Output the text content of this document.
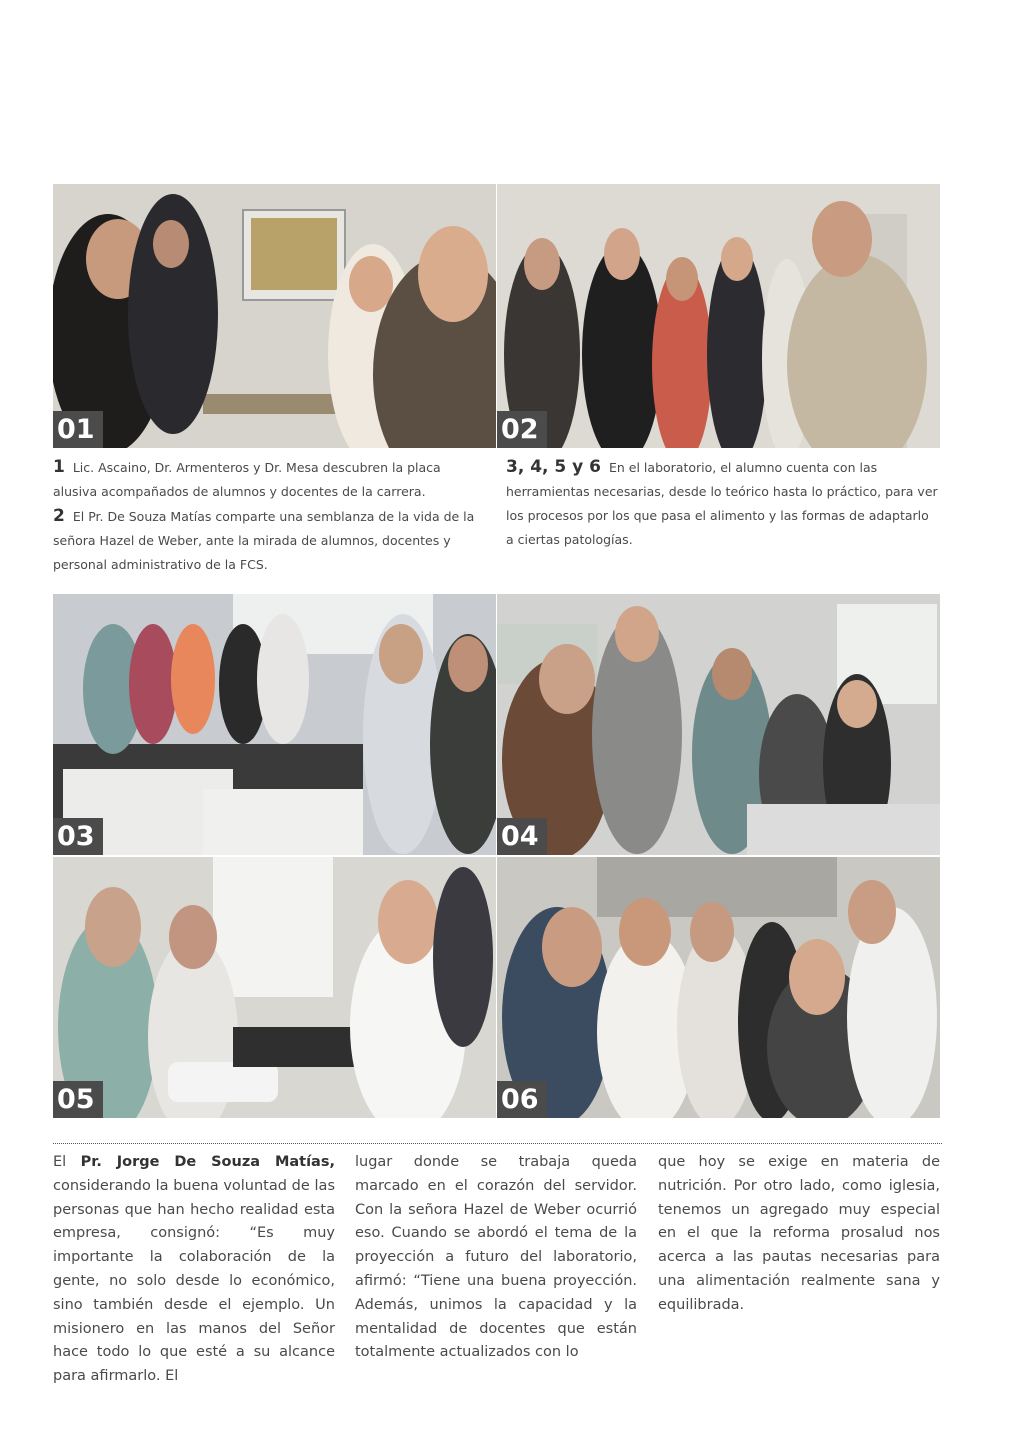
01	02
1 Lic. Ascaino, Dr. Armenteros y Dr. Mesa descubren la placa alusiva acompañados de alumnos y docentes de la carrera.
2 El Pr. De Souza Matías comparte una semblanza de la vida de la señora Hazel de Weber, ante la mirada de alumnos, docentes y personal administrativo de la FCS.
3, 4, 5 y 6 En el laboratorio, el alumno cuenta con las herramientas necesarias, desde lo teórico hasta lo práctico, para ver los procesos por los que pasa el alimento y las formas de adaptarlo a ciertas patologías.
03	04
05	06
El Pr. Jorge De Souza Matías, considerando la buena voluntad de las personas que han hecho realidad esta empresa, consignó: “Es muy importante la colaboración de la gente, no solo desde lo económico, sino también desde el ejemplo. Un misionero en las manos del Señor hace todo lo que esté a su alcance para afirmarlo. El
lugar donde se trabaja queda marcado en el corazón del servidor. Con la señora Hazel de Weber ocurrió eso. Cuando se abordó el tema de la proyección a futuro del laboratorio, afirmó: “Tiene una buena proyección. Además, unimos la capacidad y la mentalidad de docentes que están totalmente actualizados con lo
que hoy se exige en materia de nutrición. Por otro lado, como iglesia, tenemos un agregado muy especial en el que la reforma prosalud nos acerca a las pautas necesarias para una alimentación realmente sana y equilibrada.
